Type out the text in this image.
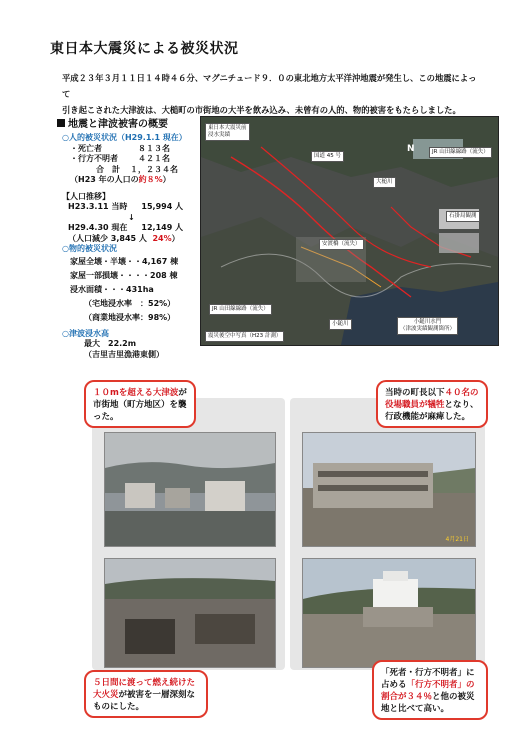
東日本大震災による被災状況
平成２３年３月１１日１４時４６分、マグニチュード９．０の東北地方太平洋沖地震が発生し、この地震によって
引き起こされた大津波は、大槌町の市街地の大半を飲み込み、未曾有の人的、物的被害をもたらしました。
地震と津波被害の概要
○人的被災状況（H29.1.1 現在）
・死亡者	８１３名
・行方不明者	４２１名
合　計 １，２３４名
（H23 年の人口の約８%）
【人口推移】
H23.3.11 当時 15,994 人
↓
H29.4.30 現在 12,149 人
（人口減少 3,845 人 24%）
○物的被災状況
家屋全壊・半壊・・4,167 棟
家屋一部損壊・・・・208 棟
浸水面積・・・431ha
（宅地浸水率　：52%）
（商業地浸水率：98%）
○津波浸水高
最大　22.2m
（吉里吉里漁港東側）
東日本大震災前
浸水実績
国道 45 号
N	JR 山田線線路（流失）
大槌川
石掛局観測
安渡橋（流失）
JR 山田線線路（流失）
小鎚川	小鎚川水門
（津波実績観測箇所）
震災後空中写真（H23 計測）
4月21日
１０mを超える大津波が市街地（町方地区）を襲った。
当時の町長以下４０名の役場職員が犠牲となり、行政機能が麻痺した。
５日間に渡って燃え続けた大火災が被害を一層深刻なものにした。
「死者・行方不明者」に占める「行方不明者」の割合が３４％と他の被災地と比べて高い。
